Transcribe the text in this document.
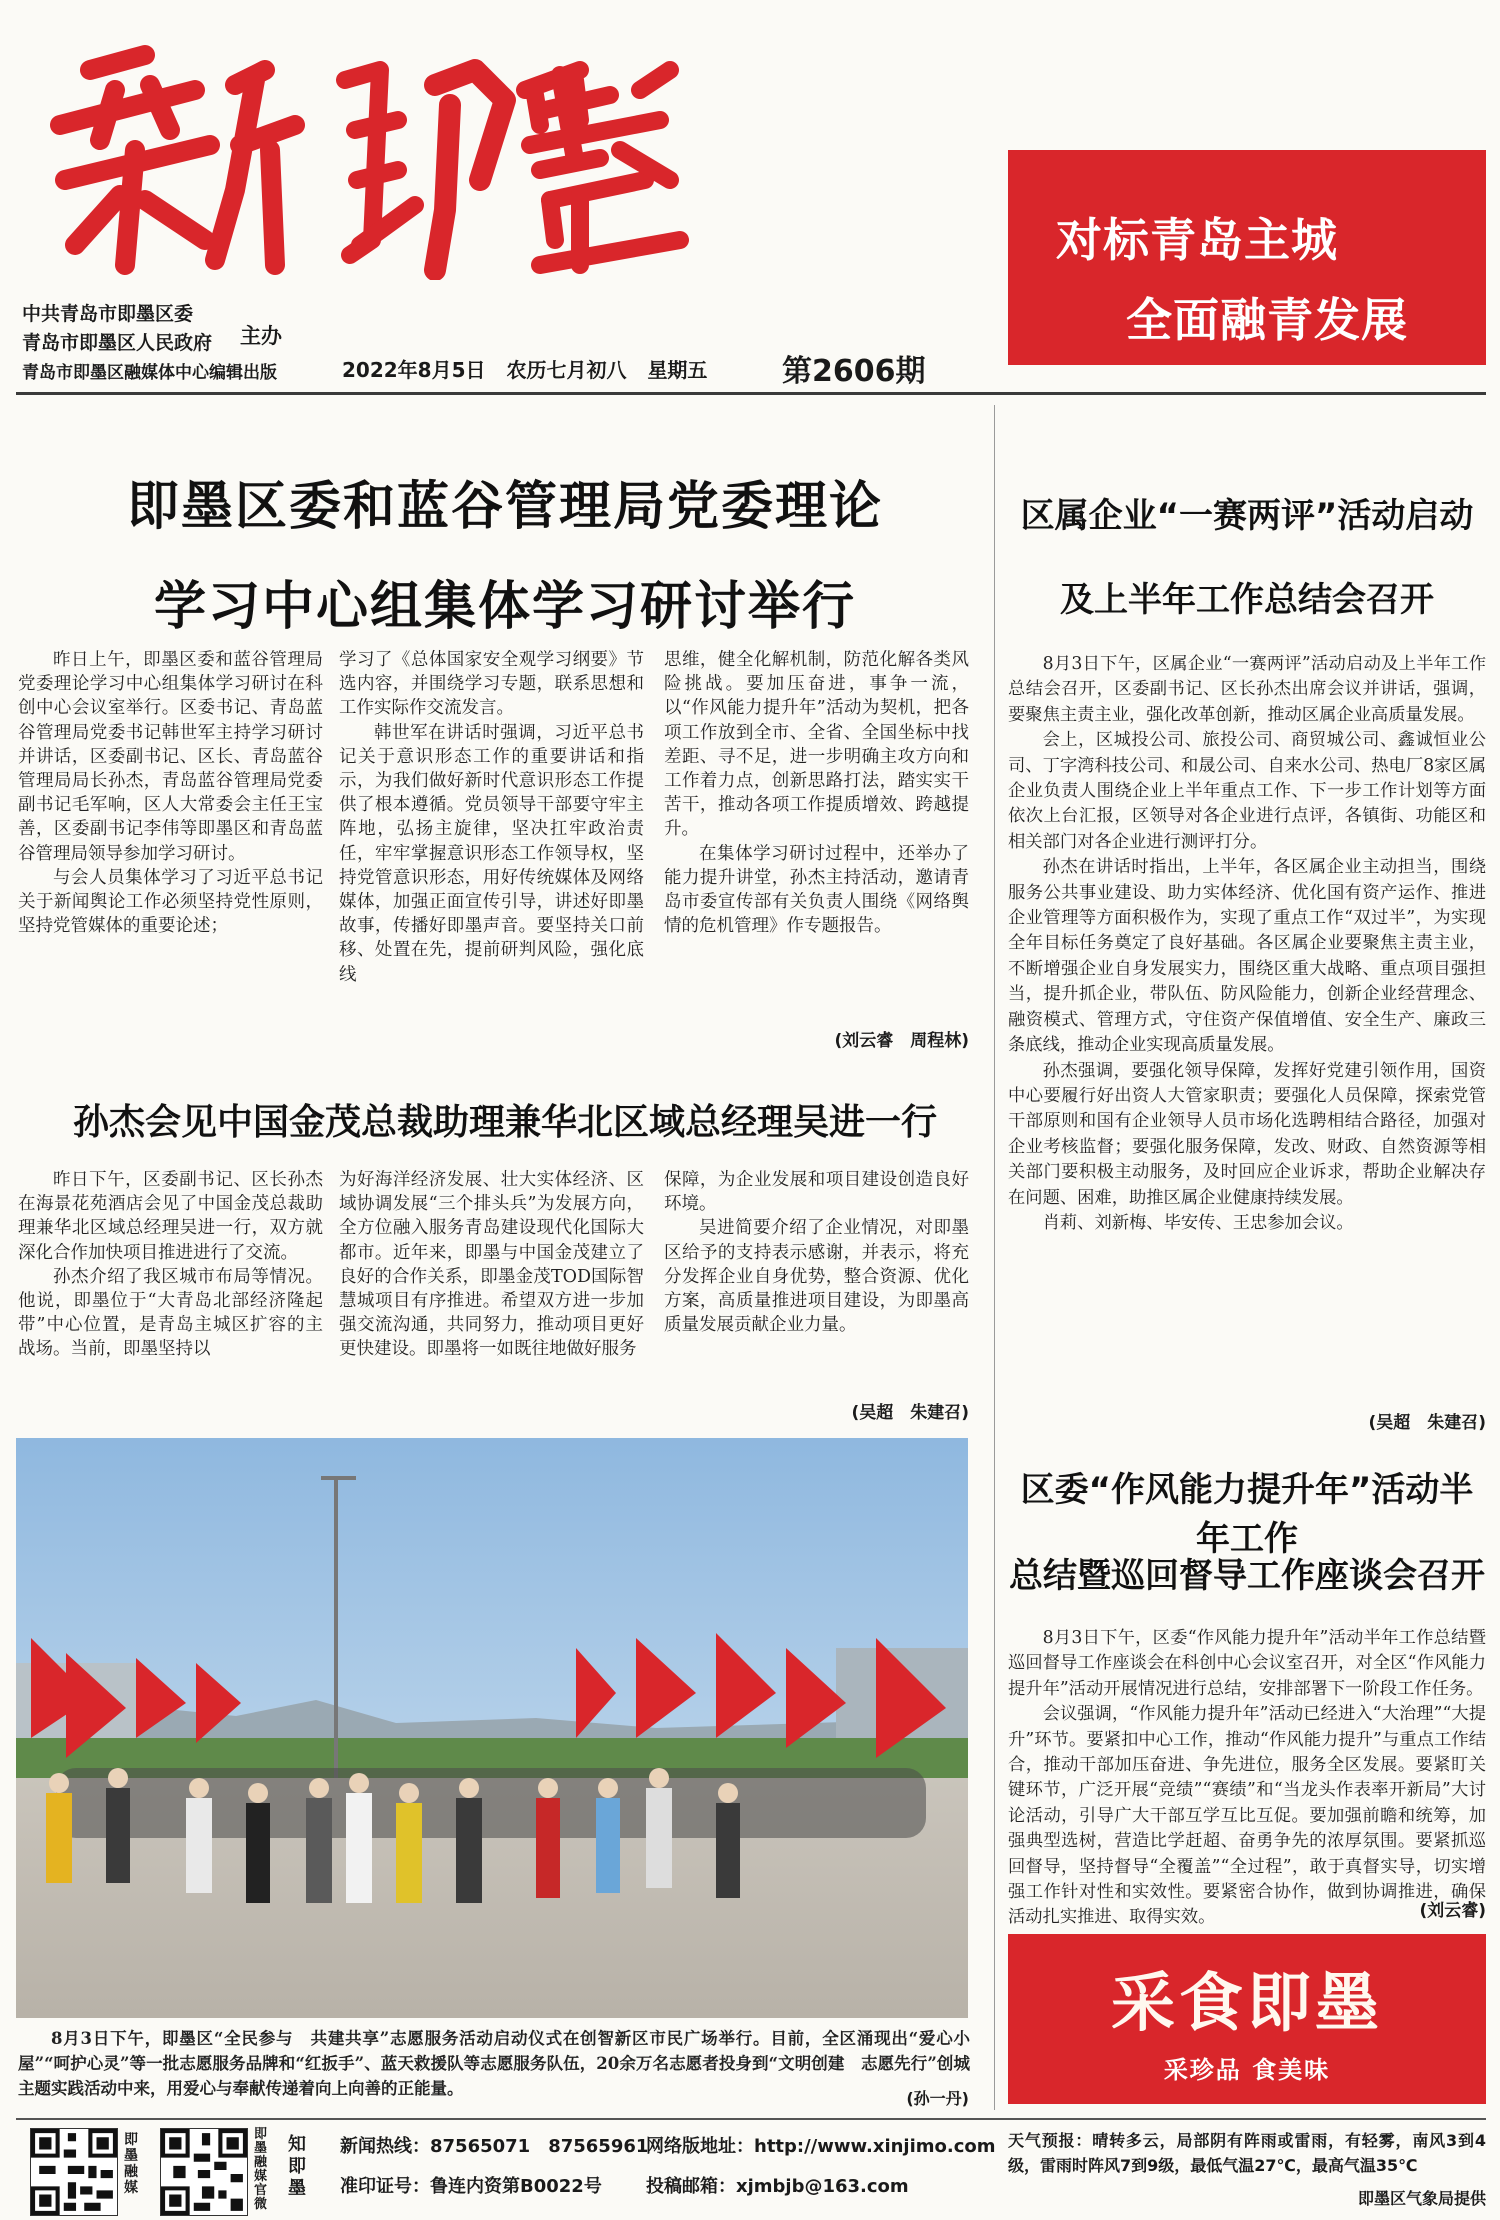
中共青岛市即墨区委
青岛市即墨区人民政府 主办
青岛市即墨区融媒体中心编辑出版	2022年8月5日 农历七月初八 星期五	第2606期
对标青岛主城
全面融青发展
即墨区委和蓝谷管理局党委理论
学习中心组集体学习研讨举行

昨日上午，即墨区委和蓝谷管理局党委理论学习中心组集体学习研讨在科创中心会议室举行。区委书记、青岛蓝谷管理局党委书记韩世军主持学习研讨并讲话，区委副书记、区长、青岛蓝谷管理局局长孙杰，青岛蓝谷管理局党委副书记毛军响，区人大常委会主任王宝善，区委副书记李伟等即墨区和青岛蓝谷管理局领导参加学习研讨。

与会人员集体学习了习近平总书记关于新闻舆论工作必须坚持党性原则，坚持党管媒体的重要论述；

学习了《总体国家安全观学习纲要》节选内容，并围绕学习专题，联系思想和工作实际作交流发言。

韩世军在讲话时强调，习近平总书记关于意识形态工作的重要讲话和指示，为我们做好新时代意识形态工作提供了根本遵循。党员领导干部要守牢主阵地，弘扬主旋律，坚决扛牢政治责任，牢牢掌握意识形态工作领导权，坚持党管意识形态，用好传统媒体及网络媒体，加强正面宣传引导，讲述好即墨故事，传播好即墨声音。要坚持关口前移、处置在先，提前研判风险，强化底线

思维，健全化解机制，防范化解各类风险挑战。要加压奋进，事争一流，以“作风能力提升年”活动为契机，把各项工作放到全市、全省、全国坐标中找差距、寻不足，进一步明确主攻方向和工作着力点，创新思路打法，踏实实干苦干，推动各项工作提质增效、跨越提升。

在集体学习研讨过程中，还举办了能力提升讲堂，孙杰主持活动，邀请青岛市委宣传部有关负责人围绕《网络舆情的危机管理》作专题报告。

(刘云睿　周程林)
孙杰会见中国金茂总裁助理兼华北区域总经理吴进一行

昨日下午，区委副书记、区长孙杰在海景花苑酒店会见了中国金茂总裁助理兼华北区域总经理吴进一行，双方就深化合作加快项目推进进行了交流。

孙杰介绍了我区城市布局等情况。他说，即墨位于“大青岛北部经济隆起带”中心位置，是青岛主城区扩容的主战场。当前，即墨坚持以

为好海洋经济发展、壮大实体经济、区域协调发展“三个排头兵”为发展方向，全方位融入服务青岛建设现代化国际大都市。近年来，即墨与中国金茂建立了良好的合作关系，即墨金茂TOD国际智慧城项目有序推进。希望双方进一步加强交流沟通，共同努力，推动项目更好更快建设。即墨将一如既往地做好服务

保障，为企业发展和项目建设创造良好环境。

吴进简要介绍了企业情况，对即墨区给予的支持表示感谢，并表示，将充分发挥企业自身优势，整合资源、优化方案，高质量推进项目建设，为即墨高质量发展贡献企业力量。

(吴超　朱建召)

8月3日下午，即墨区“全民参与　共建共享”志愿服务活动启动仪式在创智新区市民广场举行。目前，全区涌现出“爱心小屋”“呵护心灵”等一批志愿服务品牌和“红扳手”、蓝天救援队等志愿服务队伍，20余万名志愿者投身到“文明创建　志愿先行”创城主题实践活动中来，用爱心与奉献传递着向上向善的正能量。

(孙一丹)
区属企业“一赛两评”活动启动
及上半年工作总结会召开

8月3日下午，区属企业“一赛两评”活动启动及上半年工作总结会召开，区委副书记、区长孙杰出席会议并讲话，强调，要聚焦主责主业，强化改革创新，推动区属企业高质量发展。

会上，区城投公司、旅投公司、商贸城公司、鑫诚恒业公司、丁字湾科技公司、和晟公司、自来水公司、热电厂8家区属企业负责人围绕企业上半年重点工作、下一步工作计划等方面依次上台汇报，区领导对各企业进行点评，各镇街、功能区和相关部门对各企业进行测评打分。

孙杰在讲话时指出，上半年，各区属企业主动担当，围绕服务公共事业建设、助力实体经济、优化国有资产运作、推进企业管理等方面积极作为，实现了重点工作“双过半”，为实现全年目标任务奠定了良好基础。各区属企业要聚焦主责主业，不断增强企业自身发展实力，围绕区重大战略、重点项目强担当，提升抓企业，带队伍、防风险能力，创新企业经营理念、融资模式、管理方式，守住资产保值增值、安全生产、廉政三条底线，推动企业实现高质量发展。

孙杰强调，要强化领导保障，发挥好党建引领作用，国资中心要履行好出资人大管家职责；要强化人员保障，探索党管干部原则和国有企业领导人员市场化选聘相结合路径，加强对企业考核监督；要强化服务保障，发改、财政、自然资源等相关部门要积极主动服务，及时回应企业诉求，帮助企业解决存在问题、困难，助推区属企业健康持续发展。

肖莉、刘新梅、毕安传、王忠参加会议。

(吴超　朱建召)
区委“作风能力提升年”活动半年工作
总结暨巡回督导工作座谈会召开

8月3日下午，区委“作风能力提升年”活动半年工作总结暨巡回督导工作座谈会在科创中心会议室召开，对全区“作风能力提升年”活动开展情况进行总结，安排部署下一阶段工作任务。

会议强调，“作风能力提升年”活动已经进入“大治理”“大提升”环节。要紧扣中心工作，推动“作风能力提升”与重点工作结合，推动干部加压奋进、争先进位，服务全区发展。要紧盯关键环节，广泛开展“竞绩”“赛绩”和“当龙头作表率开新局”大讨论活动，引导广大干部互学互比互促。要加强前瞻和统筹，加强典型选树，营造比学赶超、奋勇争先的浓厚氛围。要紧抓巡回督导，坚持督导“全覆盖”“全过程”，敢于真督实导，切实增强工作针对性和实效性。要紧密合协作，做到协调推进，确保活动扎实推进、取得实效。	(刘云睿)
采食即墨
采珍品 食美味
即墨融媒
即墨融媒官微
知即墨
新闻热线：87565071　87565961
准印证号：鲁连内资第B0022号
网络版地址：http://www.xinjimo.com
投稿邮箱：xjmbjb@163.com
天气预报：晴转多云，局部阴有阵雨或雷雨，有轻雾，南风3到4级，雷雨时阵风7到9级，最低气温27℃，最高气温35℃
即墨区气象局提供
